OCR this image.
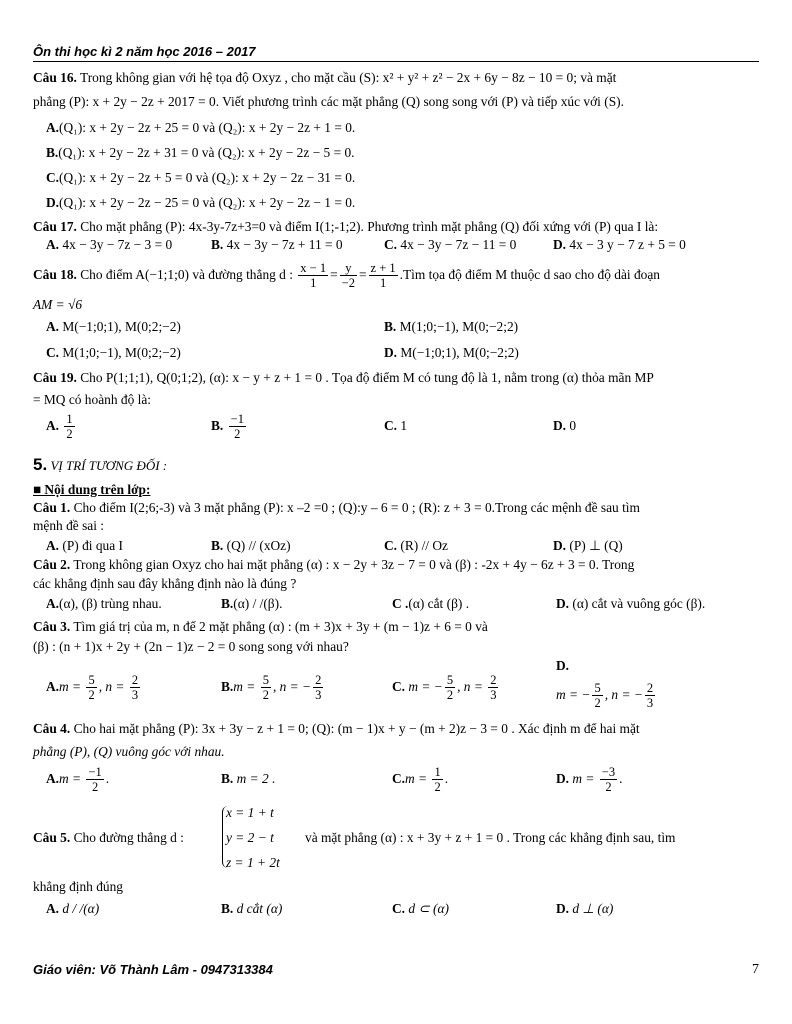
Ôn thi học kì 2 năm học 2016 – 2017
Câu 16. Trong không gian với hệ tọa độ Oxyz , cho mặt cầu (S): x² + y² + z² − 2x + 6y − 8z − 10 = 0; và mặt
phẳng (P): x + 2y − 2z + 2017 = 0. Viết phương trình các mặt phẳng (Q) song song với (P) và tiếp xúc với (S).
A.(Q₁): x + 2y − 2z + 25 = 0 và (Q₂): x + 2y − 2z + 1 = 0.
B.(Q₁): x + 2y − 2z + 31 = 0 và (Q₂): x + 2y − 2z − 5 = 0.
C.(Q₁): x + 2y − 2z + 5 = 0 và (Q₂): x + 2y − 2z − 31 = 0.
D.(Q₁): x + 2y − 2z − 25 = 0 và (Q₂): x + 2y − 2z − 1 = 0.
Câu 17. Cho mặt phẳng (P): 4x-3y-7z+3=0 và điểm I(1;-1;2). Phương trình mặt phẳng (Q) đối xứng với (P) qua I là:
A. 4x − 3y − 7z − 3 = 0	B. 4x − 3y − 7z + 11 = 0	C. 4x − 3y − 7z − 11 = 0	D. 4x − 3 y − 7 z + 5 = 0
Câu 18. Cho điểm A(−1;1;0) và đường thẳng d : $\frac{x - 1}{1} = \frac{y}{-2} = \frac{z + 1}{1}$ .Tìm tọa độ điểm M thuộc d sao cho độ dài đoạn
AM = √6
A. M(−1;0;1), M(0;2;−2)	B. M(1;0;−1), M(0;−2;2)
C. M(1;0;−1), M(0;2;−2)	D. M(−1;0;1), M(0;−2;2)
Câu 19. Cho P(1;1;1), Q(0;1;2), (α): x − y + z + 1 = 0 . Tọa độ điểm M có tung độ là 1, nằm trong (α) thỏa mãn MP
= MQ có hoành độ là:
A. $\frac{1}{2}$	B. $\frac{-1}{2}$	C. 1	D. 0
5. VỊ TRÍ TƯƠNG ĐỐI :
■ Nội dung trên lớp:
Câu 1. Cho điểm I(2;6;-3) và 3 mặt phẳng (P): x –2 =0 ; (Q):y – 6 = 0 ; (R): z + 3 = 0.Trong các mệnh đề sau tìm
mệnh đề sai :
A. (P) đi qua I	B. (Q) // (xOz)	C. (R) // Oz	D. (P) ⊥ (Q)
Câu 2. Trong không gian Oxyz cho hai mặt phẳng (α) : x − 2y + 3z − 7 = 0 và (β) : -2x + 4y − 6z + 3 = 0. Trong
các khẳng định sau đây khẳng định nào là đúng ?
A.(α), (β) trùng nhau.	B.(α) / /(β).	C .(α) cắt (β) .	D. (α) cắt và vuông góc (β).
Câu 3. Tìm giá trị của m, n để 2 mặt phẳng (α) : (m + 3)x + 3y + (m − 1)z + 6 = 0 và
(β) : (n + 1)x + 2y + (2n − 1)z − 2 = 0 song song với nhau?
$A.m = \frac{5}{2}$ , $n = \frac{2}{3}$	$B.m = \frac{5}{2}$ , n = − $\frac{2}{3}$	C. m = − $\frac{5}{2}$ , $n = \frac{2}{3}$
D.
m = − $\frac{5}{2}$ , n = − $\frac{2}{3}$
Câu 4. Cho hai mặt phẳng (P): 3x + 3y − z + 1 = 0; (Q): (m − 1)x + y − (m + 2)z − 3 = 0 . Xác định m để hai mặt
phẳng (P), (Q) vuông góc với nhau.
$A.m = \frac{-1}{2}$ .	B. m = 2 .	$C.m = \frac{1}{2}$ .	D. $m = \frac{-3}{2}$ .
Câu 5. Cho đường thẳng d :
x = 1 + t
y = 2 − t
z = 1 + 2t
và mặt phẳng (α) : x + 3y + z + 1 = 0 . Trong các khẳng định sau, tìm
khẳng định đúng
A. d / /(α)	B. d cắt (α)	C. d ⊂ (α)	D. d ⊥ (α)
Giáo viên: Võ Thành Lâm - 0947313384	7
